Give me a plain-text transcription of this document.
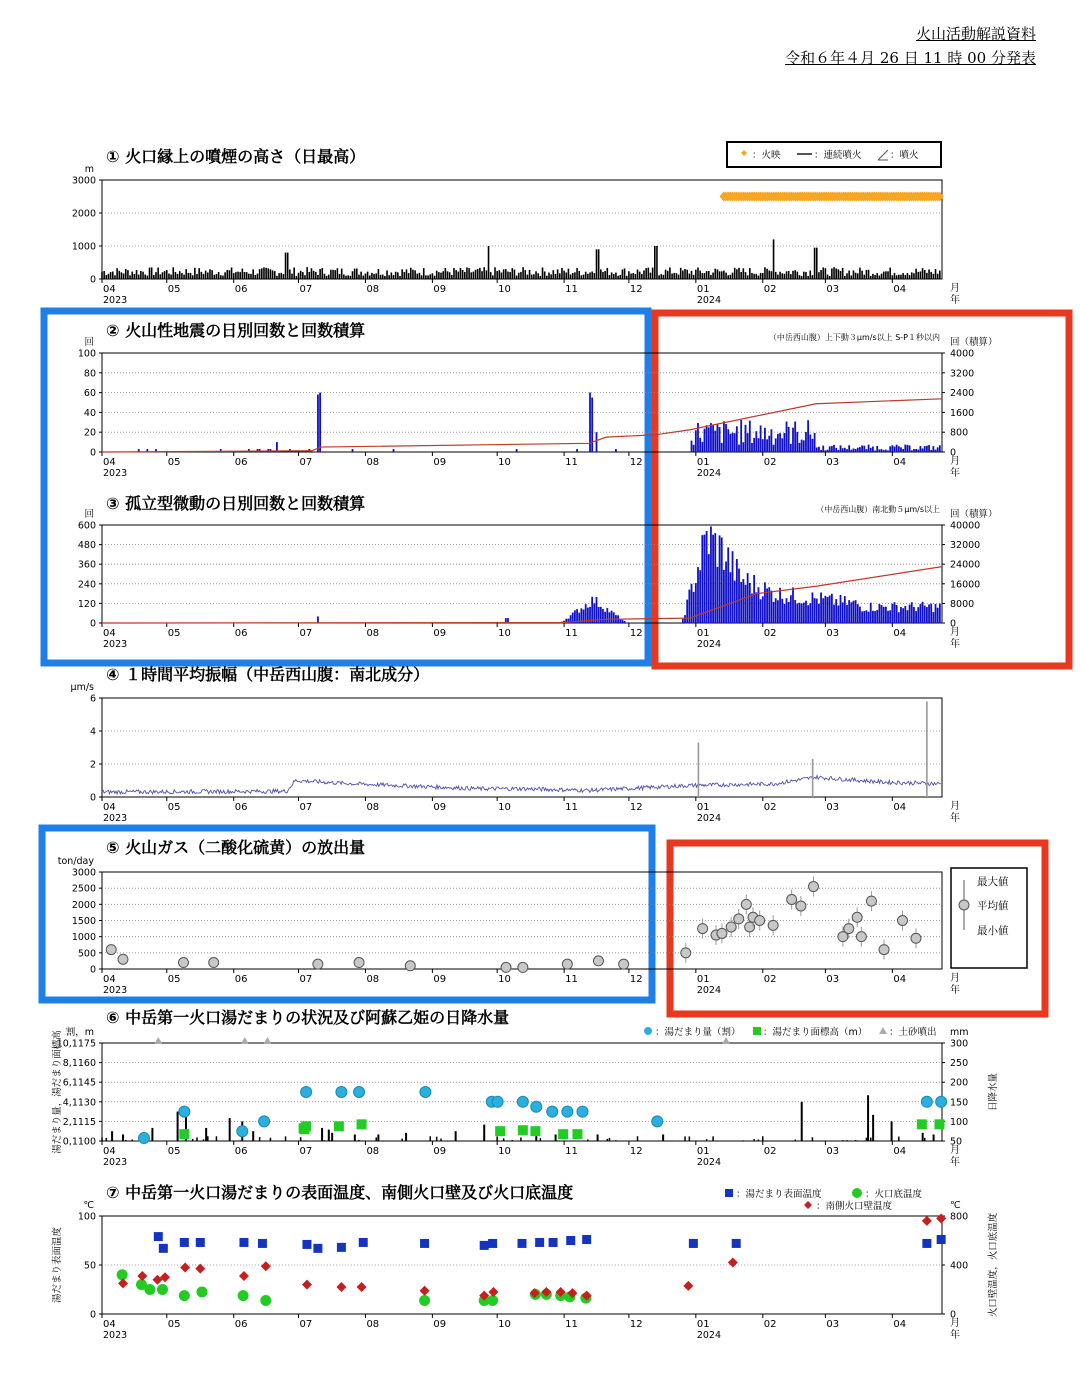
火山活動解説資料
令和６年４月 26 日 11 時 00 分発表
3000
2000
1000
0
04	05	06	07	08	09	10	11	12	01	02	03	04
2023	2024
月
年
① 火口縁上の噴煙の高さ（日最高）
m
：火映	：連続噴火	：噴火
100	4000
80	3200
60	2400
40	1600
20	800
0	0
04	05	06	07	08	09	10	11	12	01	02	03	04
2023	2024
月
年
② 火山性地震の日別回数と回数積算
回	回（積算）
（中岳西山腹）上下動３μm/s以上 S-P１秒以内
600	40000
480	32000
360	24000
240	16000
120	8000
0	0
04	05	06	07	08	09	10	11	12	01	02	03	04
2023	2024
月
年
③ 孤立型微動の日別回数と回数積算
回	回（積算）
（中岳西山腹）南北動５μm/s以上
6
4
2
0
04	05	06	07	08	09	10	11	12	01	02	03	04
2023	2024
月
年
④ １時間平均振幅（中岳西山腹：南北成分）
μm/s
3000
2500
2000
1500
1000
500
0
04	05	06	07	08	09	10	11	12	01	02	03	04
2023	2024
月
年
⑤ 火山ガス（二酸化硫黄）の放出量
ton/day
最大値
平均値
最小値
10,1175	300
8,1160	250
6,1145	200
4,1130	150
2,1115	100
0,1100	50
04	05	06	07	08	09	10	11	12	01	02	03	04
2023	2024
月
年
⑥ 中岳第一火口湯だまりの状況及び阿蘇乙姫の日降水量
割，m	mm
湯だまり量，湯だまり面標高	日降水量
：湯だまり量（割） ：湯だまり面標高（m） ：土砂噴出
100	800
50	400
0	0
04	05	06	07	08	09	10	11	12	01	02	03	04
2023	2024
月
年
⑦ 中岳第一火口湯だまりの表面温度、南側火口壁及び火口底温度
℃	℃
湯だまり表面温度	火口壁温度，火口底温度
：湯だまり表面温度	：火口底温度
：南側火口壁温度
